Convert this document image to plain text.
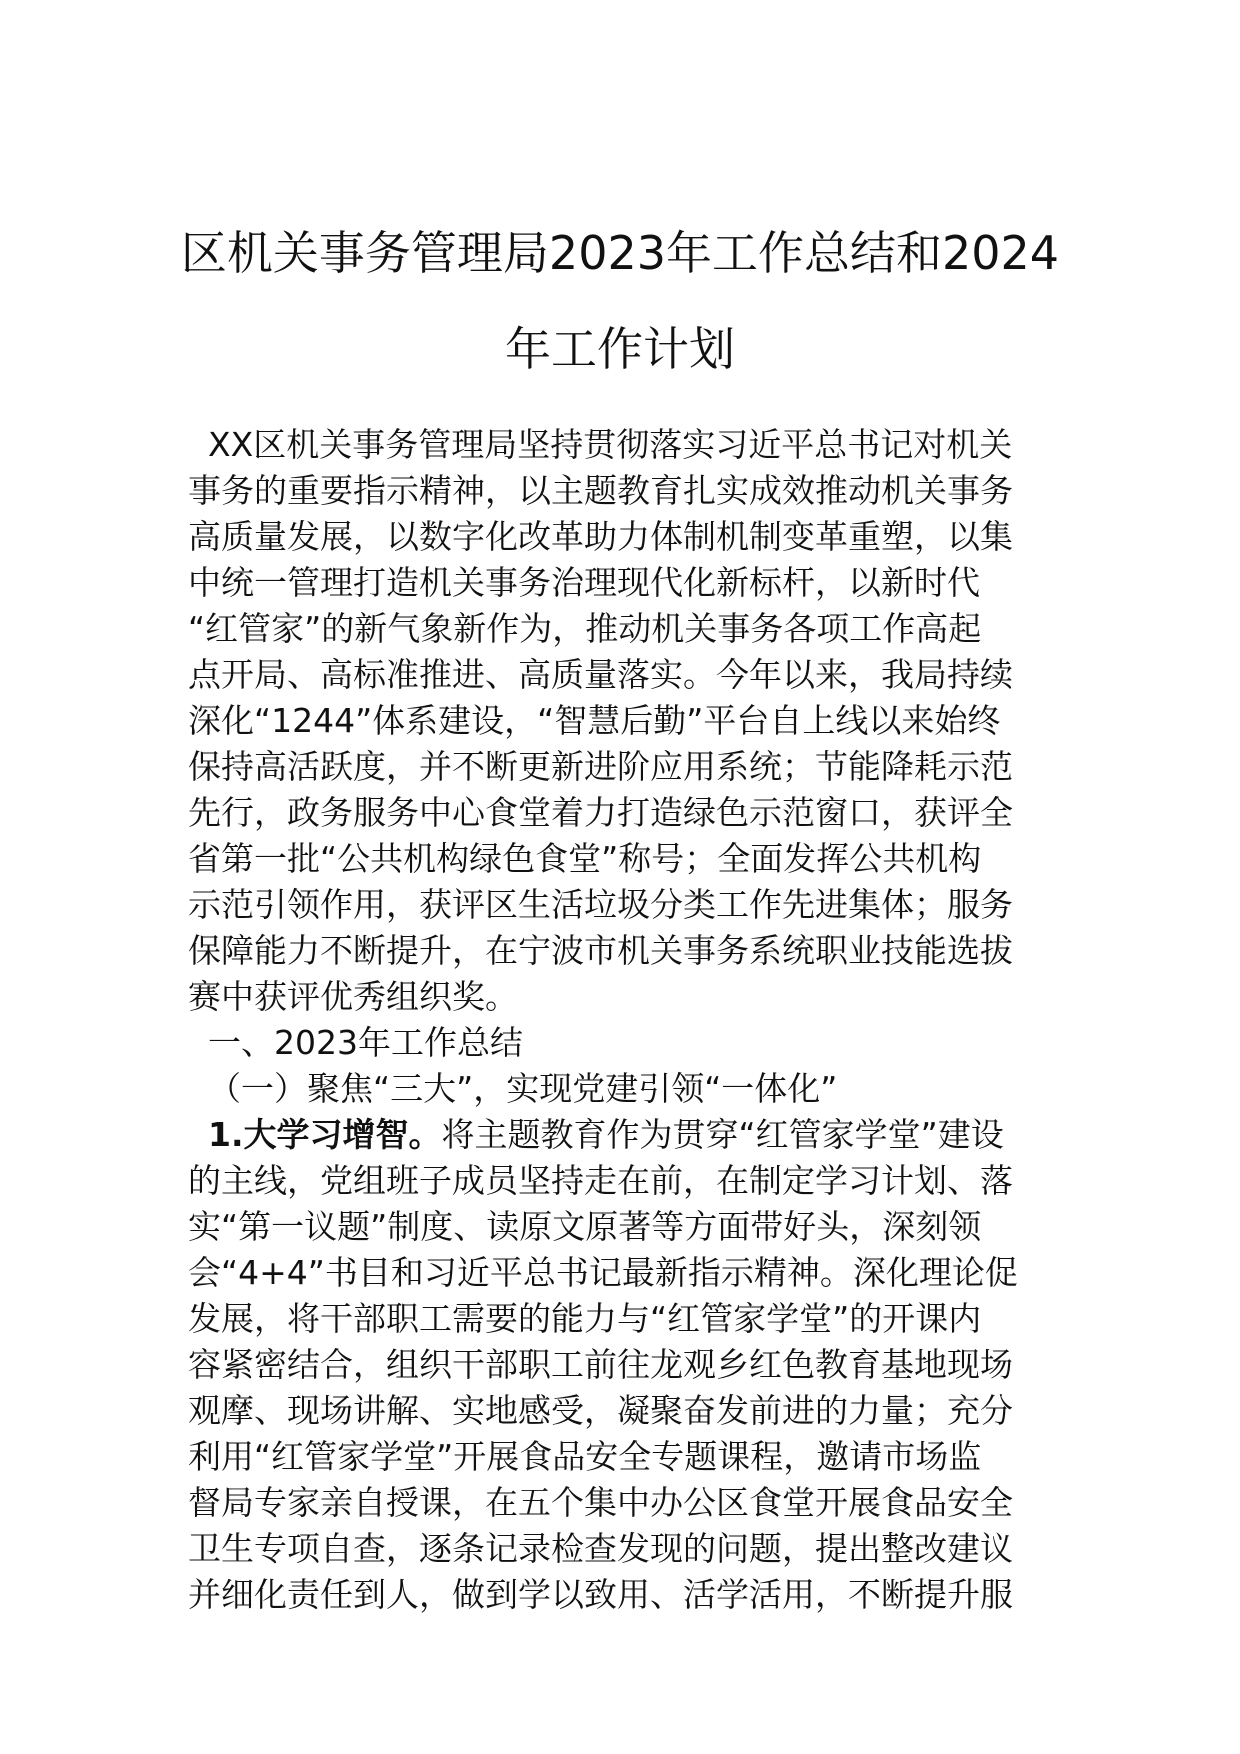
区机关事务管理局2023年工作总结和2024
年工作计划
XX区机关事务管理局坚持贯彻落实习近平总书记对机关
事务的重要指示精神，以主题教育扎实成效推动机关事务
高质量发展，以数字化改革助力体制机制变革重塑，以集
中统一管理打造机关事务治理现代化新标杆，以新时代
“红管家”的新气象新作为，推动机关事务各项工作高起
点开局、高标准推进、高质量落实。今年以来，我局持续
深化“1244”体系建设，“智慧后勤”平台自上线以来始终
保持高活跃度，并不断更新进阶应用系统；节能降耗示范
先行，政务服务中心食堂着力打造绿色示范窗口，获评全
省第一批“公共机构绿色食堂”称号；全面发挥公共机构
示范引领作用，获评区生活垃圾分类工作先进集体；服务
保障能力不断提升，在宁波市机关事务系统职业技能选拔
赛中获评优秀组织奖。
一、2023年工作总结
（一）聚焦“三大”，实现党建引领“一体化”
1.大学习增智。将主题教育作为贯穿“红管家学堂”建设
的主线，党组班子成员坚持走在前，在制定学习计划、落
实“第一议题”制度、读原文原著等方面带好头，深刻领
会“4+4”书目和习近平总书记最新指示精神。深化理论促
发展，将干部职工需要的能力与“红管家学堂”的开课内
容紧密结合，组织干部职工前往龙观乡红色教育基地现场
观摩、现场讲解、实地感受，凝聚奋发前进的力量；充分
利用“红管家学堂”开展食品安全专题课程，邀请市场监
督局专家亲自授课，在五个集中办公区食堂开展食品安全
卫生专项自查，逐条记录检查发现的问题，提出整改建议
并细化责任到人，做到学以致用、活学活用，不断提升服
